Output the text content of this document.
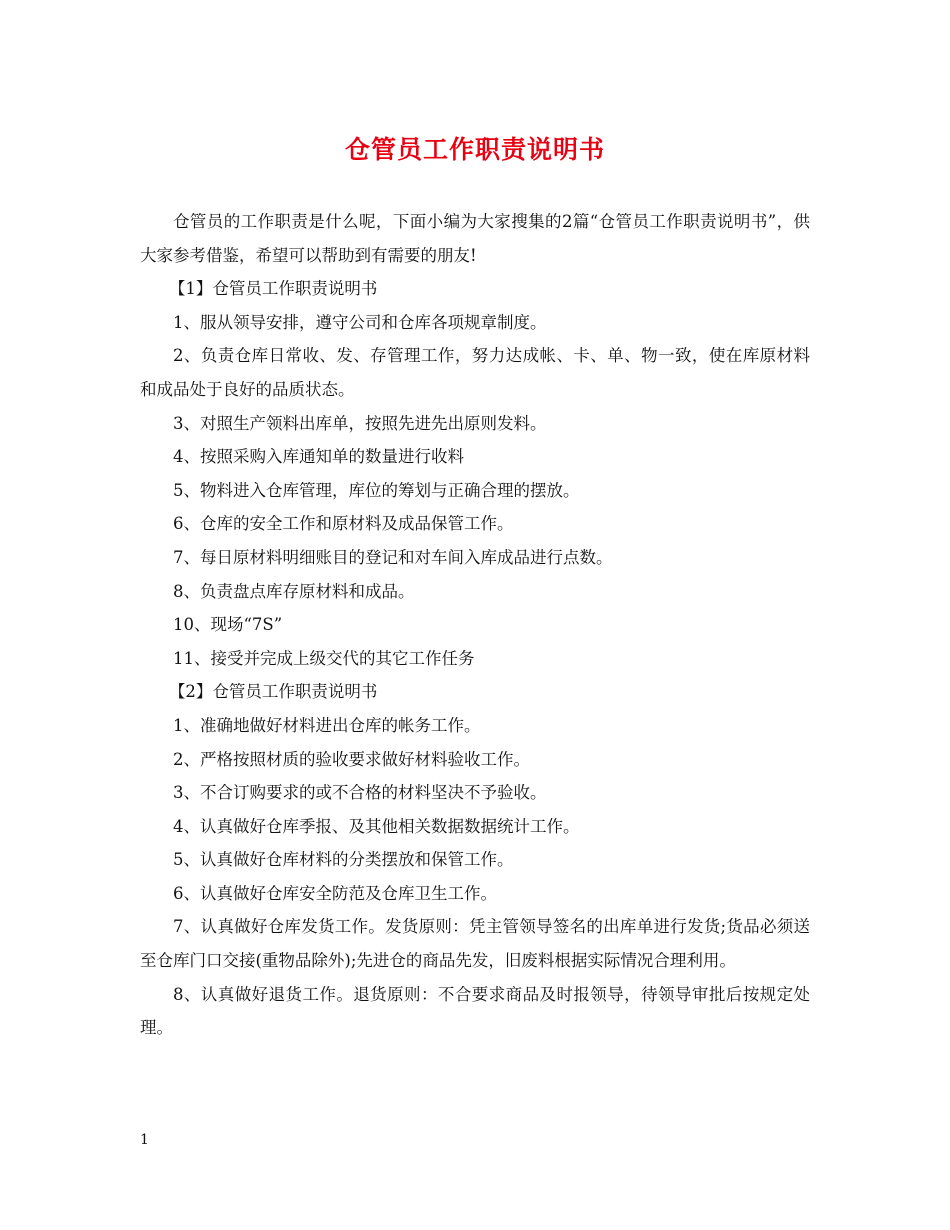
仓管员工作职责说明书

仓管员的工作职责是什么呢，下面小编为大家搜集的2篇“仓管员工作职责说明书”，供大家参考借鉴，希望可以帮助到有需要的朋友!

【1】仓管员工作职责说明书

1、服从领导安排，遵守公司和仓库各项规章制度。

2、负责仓库日常收、发、存管理工作，努力达成帐、卡、单、物一致，使在库原材料和成品处于良好的品质状态。

3、对照生产领料出库单，按照先进先出原则发料。

4、按照采购入库通知单的数量进行收料

5、物料进入仓库管理，库位的筹划与正确合理的摆放。

6、仓库的安全工作和原材料及成品保管工作。

7、每日原材料明细账目的登记和对车间入库成品进行点数。

8、负责盘点库存原材料和成品。

10、现场“7S”

11、接受并完成上级交代的其它工作任务

【2】仓管员工作职责说明书

1、准确地做好材料进出仓库的帐务工作。

2、严格按照材质的验收要求做好材料验收工作。

3、不合订购要求的或不合格的材料坚决不予验收。

4、认真做好仓库季报、及其他相关数据数据统计工作。

5、认真做好仓库材料的分类摆放和保管工作。

6、认真做好仓库安全防范及仓库卫生工作。

7、认真做好仓库发货工作。发货原则：凭主管领导签名的出库单进行发货;货品必须送至仓库门口交接(重物品除外);先进仓的商品先发，旧废料根据实际情况合理利用。

8、认真做好退货工作。退货原则：不合要求商品及时报领导，待领导审批后按规定处理。

1
